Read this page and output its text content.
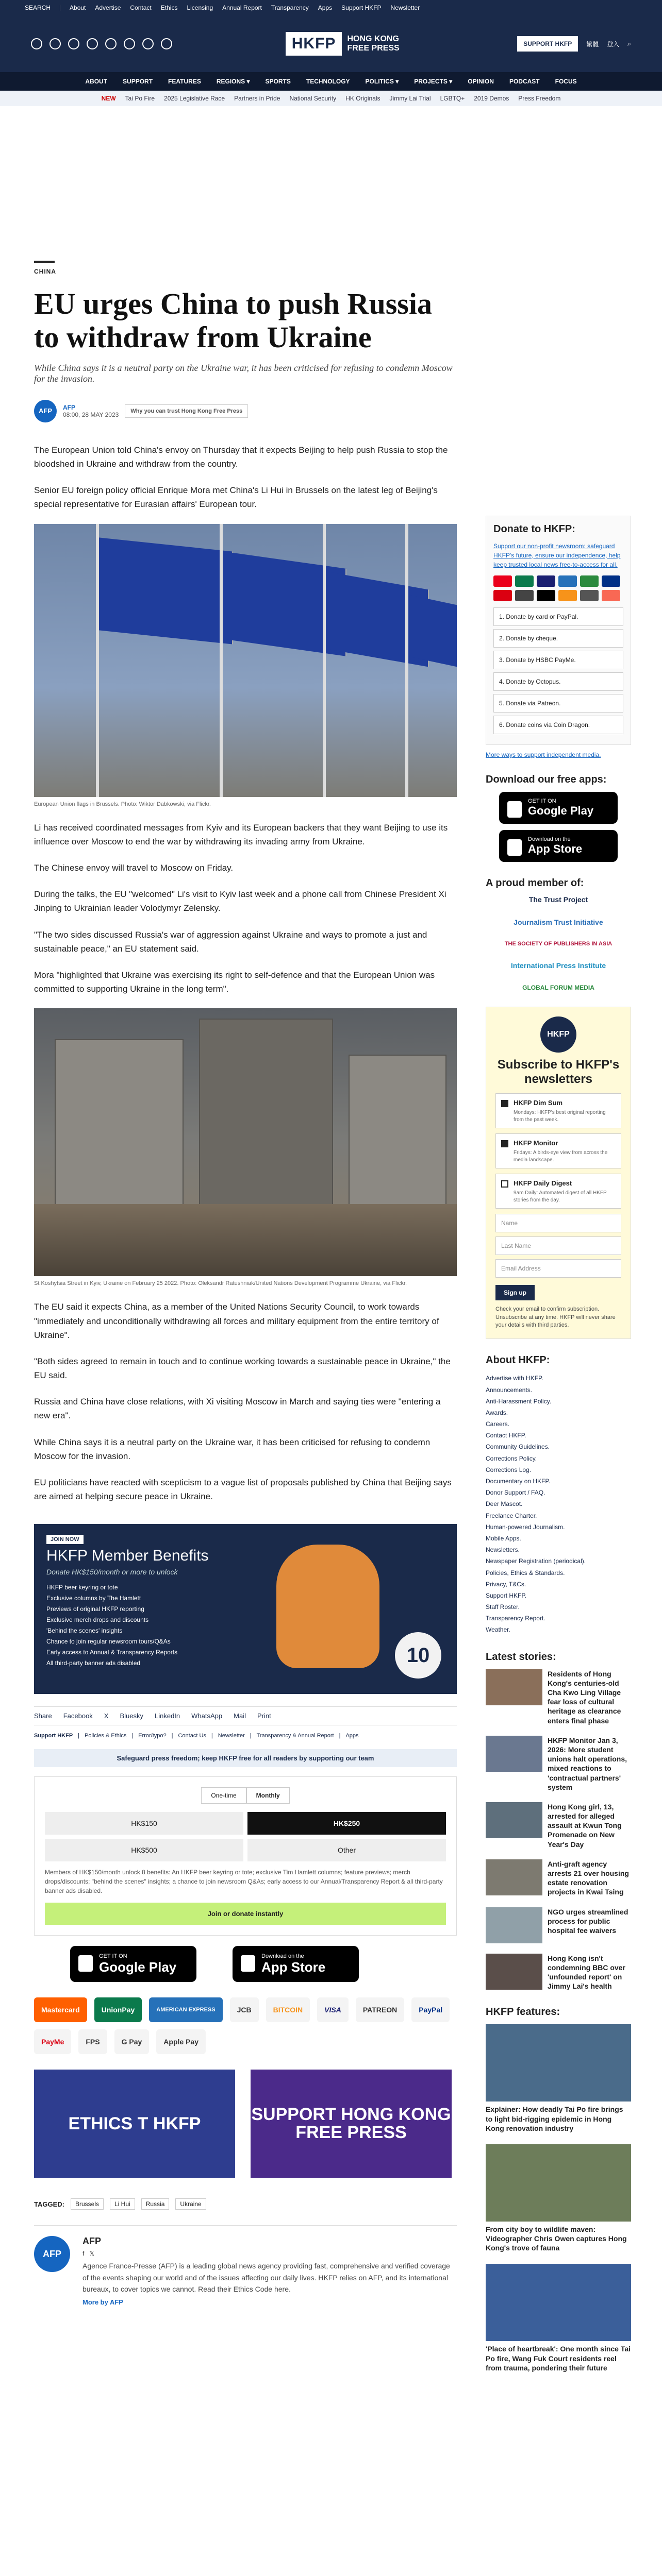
SEARCH	About Advertise Contact Ethics Licensing Annual Report Transparency Apps Support HKFP Newsletter
HKFP	HONG KONG FREE PRESS	SUPPORT HKFP	繁體 登入 ⌕
ABOUT	SUPPORT	FEATURES	REGIONS ▾	SPORTS	TECHNOLOGY	POLITICS ▾	PROJECTS ▾	OPINION	PODCAST	FOCUS
NEW Tai Po Fire 2025 Legislative Race Partners in Pride National Security HK Originals Jimmy Lai Trial LGBTQ+ 2019 Demos Press Freedom
CHINA
EU urges China to push Russia to withdraw from Ukraine
While China says it is a neutral party on the Ukraine war, it has been criticised for refusing to condemn Moscow for the invasion.
AFP	AFP
08:00, 28 MAY 2023	Why you can trust Hong Kong Free Press

The European Union told China's envoy on Thursday that it expects Beijing to help push Russia to stop the bloodshed in Ukraine and withdraw from the country.

Senior EU foreign policy official Enrique Mora met China's Li Hui in Brussels on the latest leg of Beijing's special representative for Eurasian affairs' European tour.

European Union flags in Brussels. Photo: Wiktor Dabkowski, via Flickr.

Li has received coordinated messages from Kyiv and its European backers that they want Beijing to use its influence over Moscow to end the war by withdrawing its invading army from Ukraine.

The Chinese envoy will travel to Moscow on Friday.

During the talks, the EU "welcomed" Li's visit to Kyiv last week and a phone call from Chinese President Xi Jinping to Ukrainian leader Volodymyr Zelensky.

"The two sides discussed Russia's war of aggression against Ukraine and ways to promote a just and sustainable peace," an EU statement said.

Mora "highlighted that Ukraine was exercising its right to self-defence and that the European Union was committed to supporting Ukraine in the long term".

St Koshytsia Street in Kyiv, Ukraine on February 25 2022. Photo: Oleksandr Ratushniak/United Nations Development Programme Ukraine, via Flickr.

The EU said it expects China, as a member of the United Nations Security Council, to work towards "immediately and unconditionally withdrawing all forces and military equipment from the entire territory of Ukraine".

"Both sides agreed to remain in touch and to continue working towards a sustainable peace in Ukraine," the EU said.

Russia and China have close relations, with Xi visiting Moscow in March and saying ties were "entering a new era".

While China says it is a neutral party on the Ukraine war, it has been criticised for refusing to condemn Moscow for the invasion.

EU politicians have reacted with scepticism to a vague list of proposals published by China that Beijing says are aimed at helping secure peace in Ukraine.

JOIN NOW
HKFP Member Benefits
Donate HK$150/month or more to unlock
HKFP beer keyring or tote
Exclusive columns by The Hamlett
Previews of original HKFP reporting
Exclusive merch drops and discounts
'Behind the scenes' insights
Chance to join regular newsroom tours/Q&As
Early access to Annual & Transparency Reports
All third-party banner ads disabled	10
Share Facebook X Bluesky LinkedIn WhatsApp Mail Print
Support HKFP | Policies & Ethics | Error/typo? | Contact Us | Newsletter | Transparency & Annual Report | Apps
Safeguard press freedom; keep HKFP free for all readers by supporting our team
One-time	Monthly
HK$150	HK$250
HK$500	Other
Members of HK$150/month unlock 8 benefits: An HKFP beer keyring or tote; exclusive Tim Hamlett columns; feature previews; merch drops/discounts; "behind the scenes" insights; a chance to join newsroom Q&As; early access to our Annual/Transparency Report & all third-party banner ads disabled.
Join or donate instantly
GET IT ON
Google Play
Download on the
App Store
Mastercard	UnionPay	AMERICAN EXPRESS	JCB	BITCOIN	VISA	PATREON	PayPal
PayMe	FPS	G Pay	Apple Pay
ETHICS T HKFP	SUPPORT HONG KONG FREE PRESS
TAGGED:	Brussels	Li Hui	Russia	Ukraine
AFP
AFP
f 𝕏

Agence France-Presse (AFP) is a leading global news agency providing fast, comprehensive and verified coverage of the events shaping our world and of the issues affecting our daily lives. HKFP relies on AFP, and its international bureaux, to cover topics we cannot. Read their Ethics Code here.

More by AFP
Donate to HKFP:
Support our non-profit newsroom: safeguard HKFP's future, ensure our independence, help keep trusted local news free-to-access for all.
1. Donate by card or PayPal.
2. Donate by cheque.
3. Donate by HSBC PayMe.
4. Donate by Octopus.
5. Donate via Patreon.
6. Donate coins via Coin Dragon.
More ways to support independent media.
Download our free apps:
GET IT ON
Google Play
Download on the
App Store
A proud member of:
The Trust Project
Journalism Trust Initiative
THE SOCIETY OF PUBLISHERS IN ASIA
International Press Institute
GLOBAL FORUM MEDIA
HKFP
Subscribe to HKFP's newsletters
HKFP Dim Sum
Mondays: HKFP's best original reporting from the past week.
HKFP Monitor
Fridays: A birds-eye view from across the media landscape.
HKFP Daily Digest
9am Daily: Automated digest of all HKFP stories from the day.
Name
Last Name
Email Address
Sign up
Check your email to confirm subscription. Unsubscribe at any time. HKFP will never share your details with third parties.
About HKFP:
Advertise with HKFP.
Announcements.
Anti-Harassment Policy.
Awards.
Careers.
Contact HKFP.
Community Guidelines.
Corrections Policy.
Corrections Log.
Documentary on HKFP.
Donor Support / FAQ.
Deer Mascot.
Freelance Charter.
Human-powered Journalism.
Mobile Apps.
Newsletters.
Newspaper Registration (periodical).
Policies, Ethics & Standards.
Privacy, T&Cs.
Support HKFP.
Staff Roster.
Transparency Report.
Weather.
Latest stories:
Residents of Hong Kong's centuries-old Cha Kwo Ling Village fear loss of cultural heritage as clearance enters final phase
HKFP Monitor Jan 3, 2026: More student unions halt operations, mixed reactions to 'contractual partners' system
Hong Kong girl, 13, arrested for alleged assault at Kwun Tong Promenade on New Year's Day
Anti-graft agency arrests 21 over housing estate renovation projects in Kwai Tsing
NGO urges streamlined process for public hospital fee waivers
Hong Kong isn't condemning BBC over 'unfounded report' on Jimmy Lai's health
HKFP features:
Explainer: How deadly Tai Po fire brings to light bid-rigging epidemic in Hong Kong renovation industry
From city boy to wildlife maven: Videographer Chris Owen captures Hong Kong's trove of fauna
'Place of heartbreak': One month since Tai Po fire, Wang Fuk Court residents reel from trauma, pondering their future
